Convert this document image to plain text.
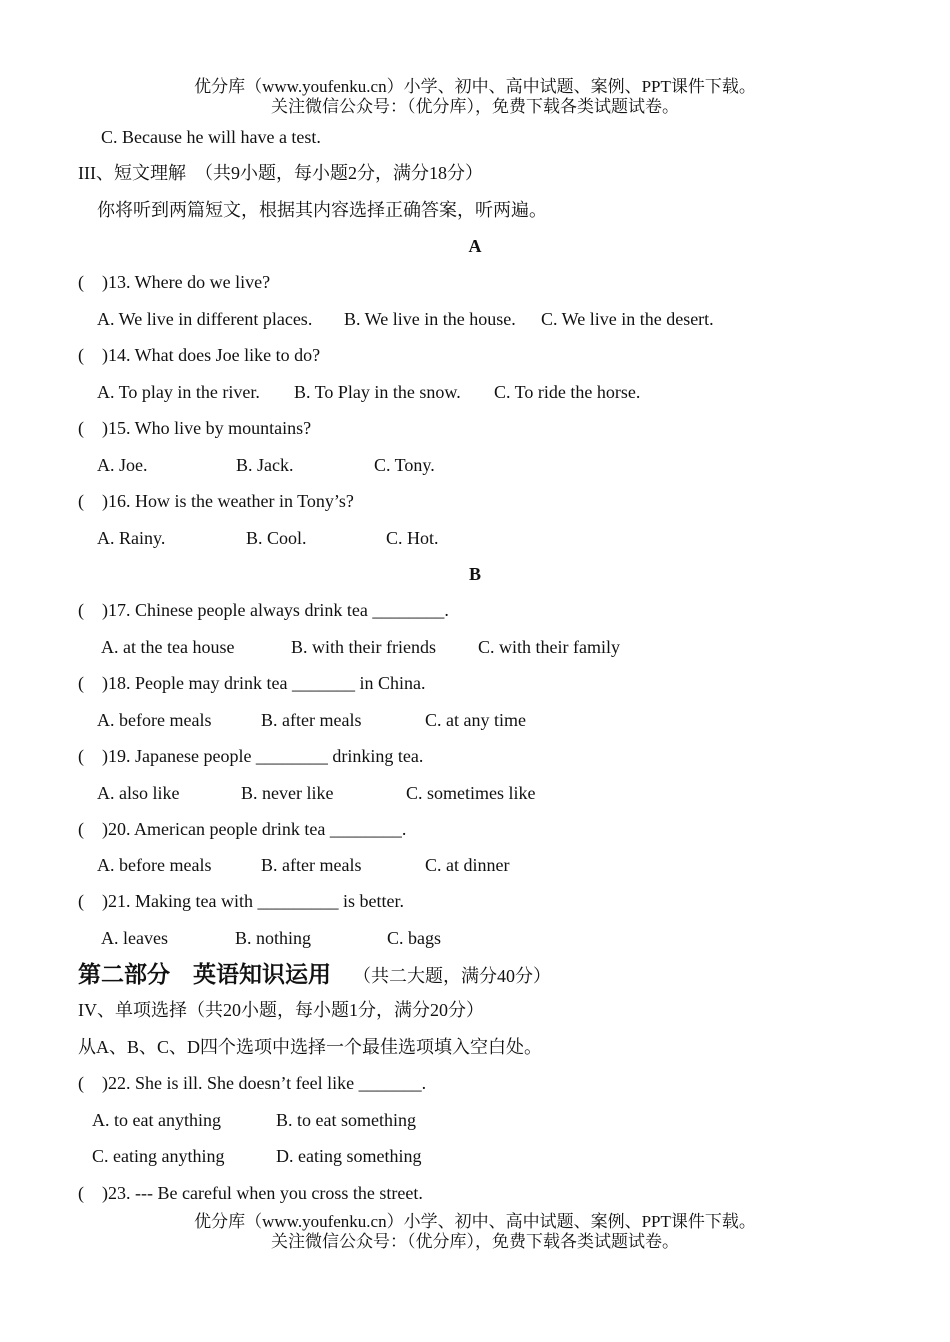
优分库（www.youfenku.cn）小学、初中、高中试题、案例、PPT课件下载。
关注微信公众号：（优分库），免费下载各类试题试卷。
C. Because he will have a test.
III、短文理解　（共9小题，每小题2分，满分18分）
你将听到两篇短文，根据其内容选择正确答案，听两遍。
A
(　)13. Where do we live?
A. We live in different places. B. We live in the house. C. We live in the desert.
(　)14. What does Joe like to do?
A. To play in the river. B. To Play in the snow. C. To ride the horse.
(　)15. Who live by mountains?
A. Joe.	B. Jack.	C. Tony.
(　)16. How is the weather in Tony’s?
A. Rainy.	B. Cool.	C. Hot.
B
(　)17. Chinese people always drink tea ________.
A. at the tea house	B. with their friends C. with their family
(　)18. People may drink tea _______ in China.
A. before meals	B. after meals	C. at any time
(　)19. Japanese people ________ drinking tea.
A. also like	B. never like	C. sometimes like
(　)20. American people drink tea ________.
A. before meals	B. after meals	C. at dinner
(　)21. Making tea with _________ is better.
A. leaves	B. nothing	C. bags
第二部分　英语知识运用 （共二大题，满分40分）
IV、单项选择（共20小题，每小题1分，满分20分）
从A、B、C、D四个选项中选择一个最佳选项填入空白处。
(　)22. She is ill. She doesn’t feel like _______.
A. to eat anything	B. to eat something
C. eating anything	D. eating something
(　)23. --- Be careful when you cross the street.
优分库（www.youfenku.cn）小学、初中、高中试题、案例、PPT课件下载。
关注微信公众号：（优分库），免费下载各类试题试卷。
